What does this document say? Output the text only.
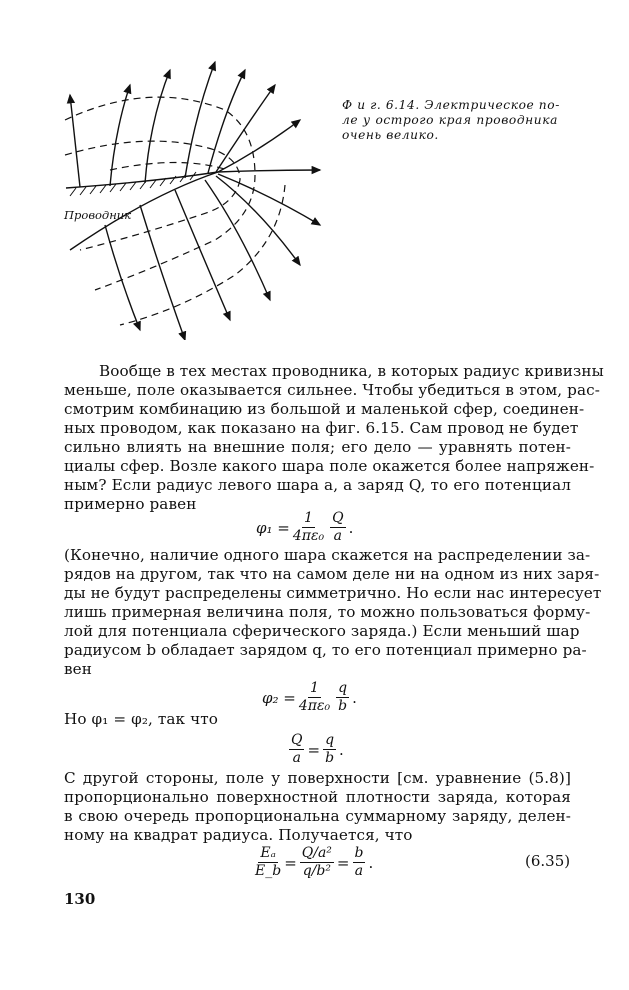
Проводник
Ф и г. 6.14. Электрическое по-
ле у острого края проводника
очень велико.
Вообще в тех местах проводника, в которых радиус кривизны
меньше, поле оказывается сильнее. Чтобы убедиться в этом, рас-
смотрим комбинацию из большой и маленькой сфер, соединен-
ных проводом, как показано на фиг. 6.15. Сам провод не будет
сильно влиять на внешние поля; его дело — уравнять потен-
циалы сфер. Возле какого шара поле окажется более напряжен-
ным? Если радиус левого шара a, а заряд Q, то его потенциал
примерно равен
$\varphi_1 = \frac{1}{\text{4πε₀}} \frac{Q}{a}$ .
(Конечно, наличие одного шара скажется на распределении за-
рядов на другом, так что на самом деле ни на одном из них заря-
ды не будут распределены симметрично. Но если нас интересует
лишь примерная величина поля, то можно пользоваться форму-
лой для потенциала сферического заряда.) Если меньший шар
радиусом b обладает зарядом q, то его потенциал примерно ра-
вен
$\varphi_2 = \frac{1}{\text{4πε₀}} \frac{q}{b}$ .
Но φ₁ = φ₂, так что
$\frac{Q}{a} = \frac{q}{b}$ .
С другой стороны, поле у поверхности [см. уравнение (5.8)]
пропорционально поверхностной плотности заряда, которая
в свою очередь пропорциональна суммарному заряду, делен-
ному на квадрат радиуса. Получается, что
$\frac{\text{Eₐ}}{E\_b} = \frac{\text{Q/a²}}{\text{q/b²}} = \frac{b}{a}$ .	(6.35)
130
